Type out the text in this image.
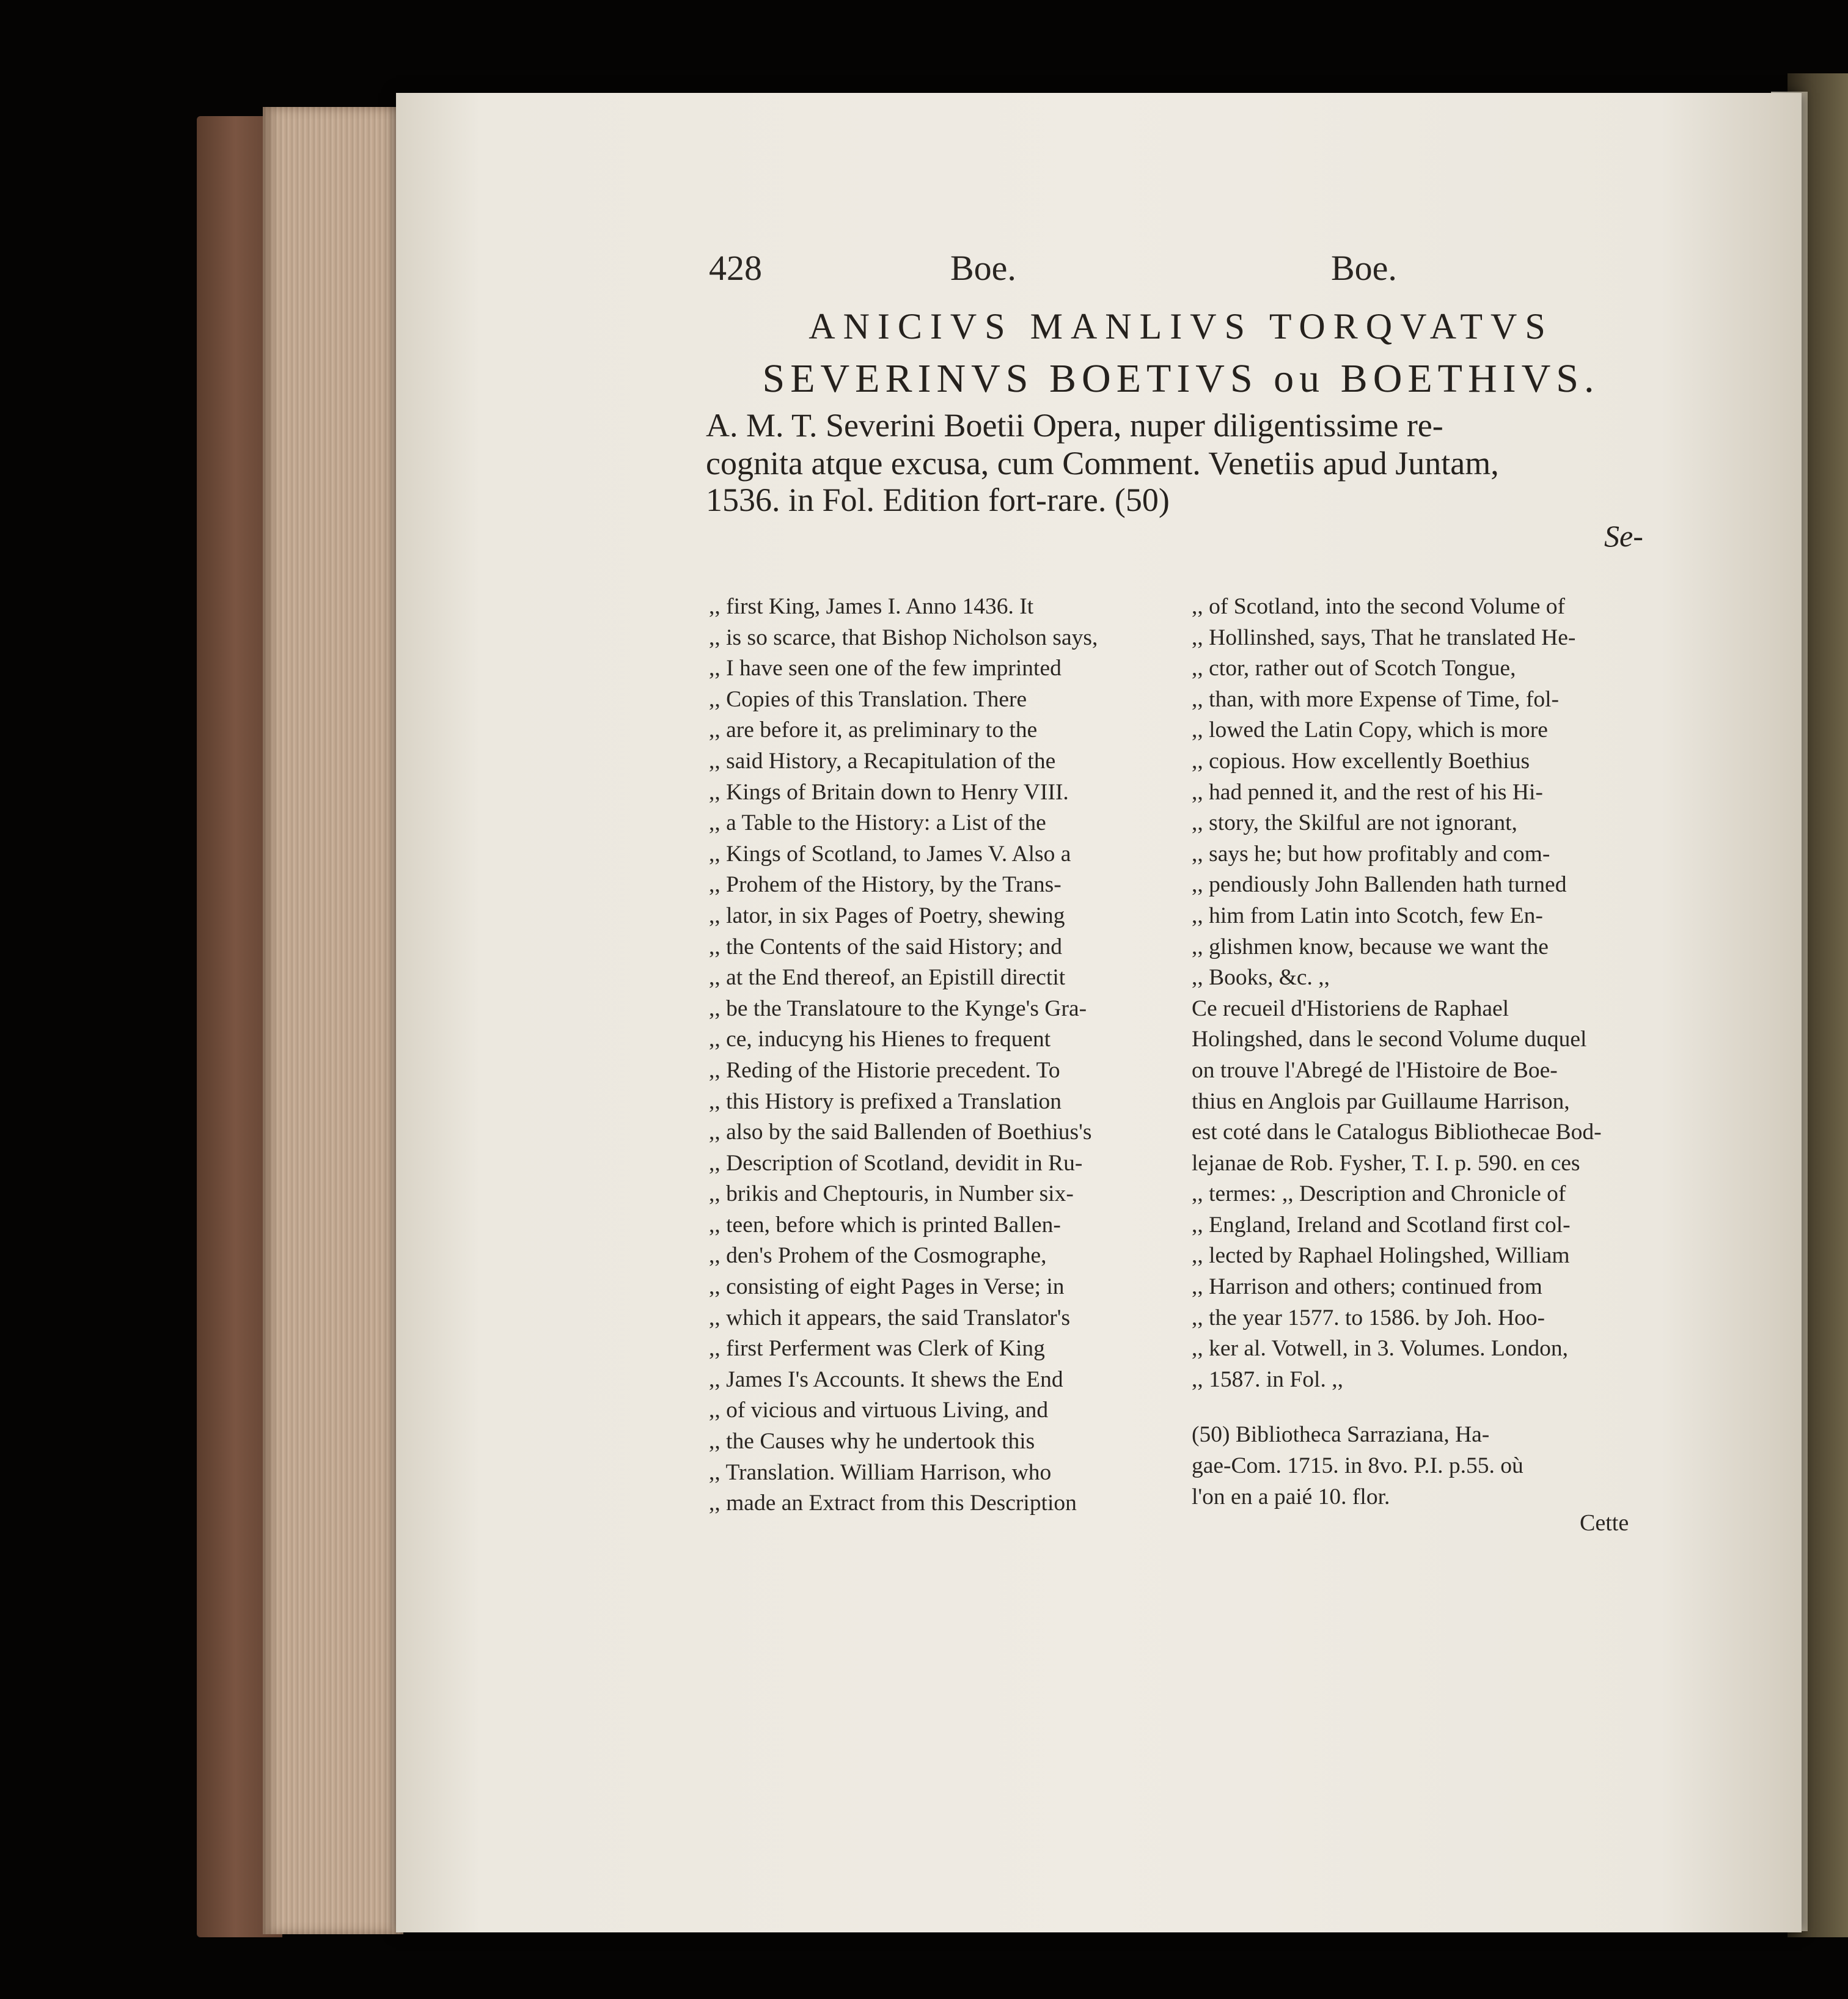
428	Boe.	Boe.
ANICIVS MANLIVS TORQVATVS
SEVERINVS BOETIVS ou BOETHIVS.
A. M. T. Severini Boetii Opera, nuper diligentissime re-
cognita atque excusa, cum Comment. Venetiis apud Juntam,
1536. in Fol. Edition fort-rare. (50)
Se-
,, first King, James I. Anno 1436. It
,, is so scarce, that Bishop Nicholson says,
,, I have seen one of the few imprinted
,, Copies of this Translation. There
,, are before it, as preliminary to the
,, said History, a Recapitulation of the
,, Kings of Britain down to Henry VIII.
,, a Table to the History: a List of the
,, Kings of Scotland, to James V. Also a
,, Prohem of the History, by the Trans-
,, lator, in six Pages of Poetry, shewing
,, the Contents of the said History; and
,, at the End thereof, an Epistill directit
,, be the Translatoure to the Kynge's Gra-
,, ce, inducyng his Hienes to frequent
,, Reding of the Historie precedent. To
,, this History is prefixed a Translation
,, also by the said Ballenden of Boethius's
,, Description of Scotland, devidit in Ru-
,, brikis and Cheptouris, in Number six-
,, teen, before which is printed Ballen-
,, den's Prohem of the Cosmographe,
,, consisting of eight Pages in Verse; in
,, which it appears, the said Translator's
,, first Perferment was Clerk of King
,, James I's Accounts. It shews the End
,, of vicious and virtuous Living, and
,, the Causes why he undertook this
,, Translation. William Harrison, who
,, made an Extract from this Description
,, of Scotland, into the second Volume of
,, Hollinshed, says, That he translated He-
,, ctor, rather out of Scotch Tongue,
,, than, with more Expense of Time, fol-
,, lowed the Latin Copy, which is more
,, copious. How excellently Boethius
,, had penned it, and the rest of his Hi-
,, story, the Skilful are not ignorant,
,, says he; but how profitably and com-
,, pendiously John Ballenden hath turned
,, him from Latin into Scotch, few En-
,, glishmen know, because we want the
,, Books, &c. ,,
Ce recueil d'Historiens de Raphael
Holingshed, dans le second Volume duquel
on trouve l'Abregé de l'Histoire de Boe-
thius en Anglois par Guillaume Harrison,
est coté dans le Catalogus Bibliothecae Bod-
lejanae de Rob. Fysher, T. I. p. 590. en ces
,, termes: ,, Description and Chronicle of
,, England, Ireland and Scotland first col-
,, lected by Raphael Holingshed, William
,, Harrison and others; continued from
,, the year 1577. to 1586. by Joh. Hoo-
,, ker al. Votwell, in 3. Volumes. London,
,, 1587. in Fol. ,,
(50) Bibliotheca Sarraziana, Ha-
gae-Com. 1715. in 8vo. P.I. p.55. où
l'on en a paié 10. flor.
Cette
